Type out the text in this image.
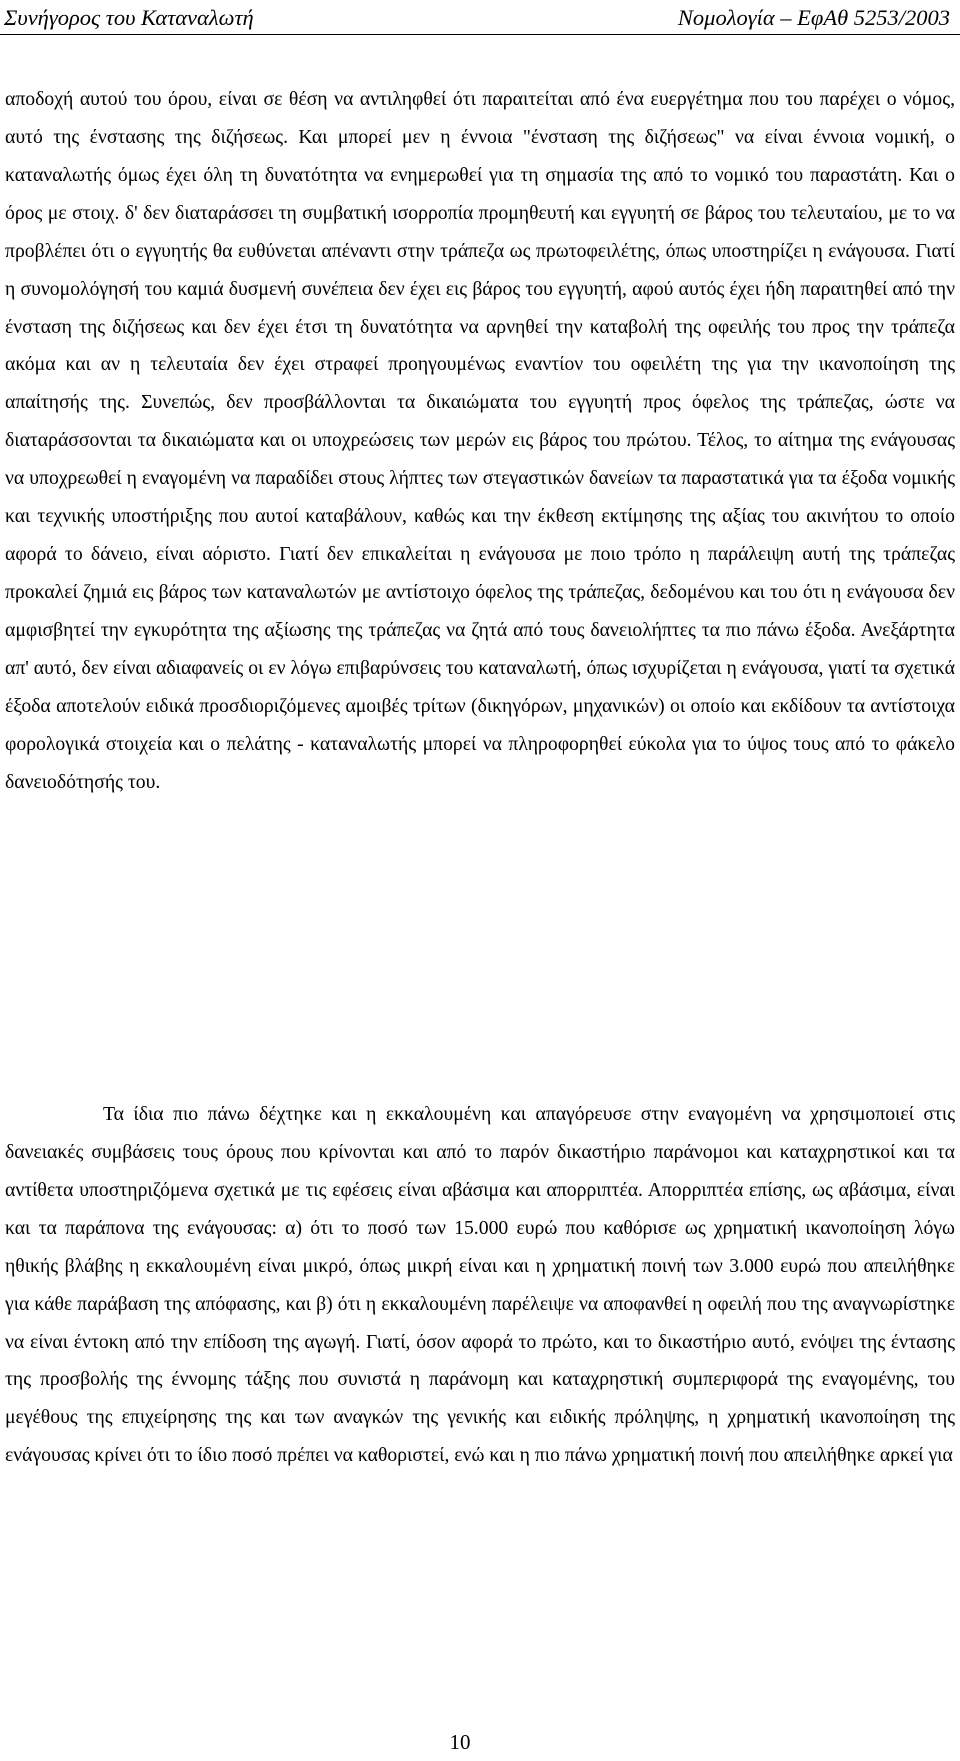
Συνήγορος του Καταναλωτή	Νομολογία – ΕφΑθ 5253/2003

αποδοχή αυτού του όρου, είναι σε θέση να αντιληφθεί ότι παραιτείται από ένα ευεργέτημα που του παρέχει ο νόμος, αυτό της ένστασης της διζήσεως. Και μπορεί μεν η έννοια "ένσταση της διζήσεως" να είναι έννοια νομική, ο καταναλωτής όμως έχει όλη τη δυνατότητα να ενημερωθεί για τη σημασία της από το νομικό του παραστάτη. Και ο όρος με στοιχ. δ' δεν διαταράσσει τη συμβατική ισορροπία προμηθευτή και εγγυητή σε βάρος του τελευταίου, με το να προβλέπει ότι ο εγγυητής θα ευθύνεται απέναντι στην τράπεζα ως πρωτοφειλέτης, όπως υποστηρίζει η ενάγουσα. Γιατί η συνομολόγησή του καμιά δυσμενή συνέπεια δεν έχει εις βάρος του εγγυητή, αφού αυτός έχει ήδη παραιτηθεί από την ένσταση της διζήσεως και δεν έχει έτσι τη δυνατότητα να αρνηθεί την καταβολή της οφειλής του προς την τράπεζα ακόμα και αν η τελευταία δεν έχει στραφεί προηγουμένως εναντίον του οφειλέτη της για την ικανοποίηση της απαίτησής της. Συνεπώς, δεν προσβάλλονται τα δικαιώματα του εγγυητή προς όφελος της τράπεζας, ώστε να διαταράσσονται τα δικαιώματα και οι υποχρεώσεις των μερών εις βάρος του πρώτου. Τέλος, το αίτημα της ενάγουσας να υποχρεωθεί η εναγομένη να παραδίδει στους λήπτες των στεγαστικών δανείων τα παραστατικά για τα έξοδα νομικής και τεχνικής υποστήριξης που αυτοί καταβάλουν, καθώς και την έκθεση εκτίμησης της αξίας του ακινήτου το οποίο αφορά το δάνειο, είναι αόριστο. Γιατί δεν επικαλείται η ενάγουσα με ποιο τρόπο η παράλειψη αυτή της τράπεζας προκαλεί ζημιά εις βάρος των καταναλωτών με αντίστοιχο όφελος της τράπεζας, δεδομένου και του ότι η ενάγουσα δεν αμφισβητεί την εγκυρότητα της αξίωσης της τράπεζας να ζητά από τους δανειολήπτες τα πιο πάνω έξοδα. Ανεξάρτητα απ' αυτό, δεν είναι αδιαφανείς οι εν λόγω επιβαρύνσεις του καταναλωτή, όπως ισχυρίζεται η ενάγουσα, γιατί τα σχετικά έξοδα αποτελούν ειδικά προσδιοριζόμενες αμοιβές τρίτων (δικηγόρων, μηχανικών) οι οποίο και εκδίδουν τα αντίστοιχα φορολογικά στοιχεία και ο πελάτης - καταναλωτής μπορεί να πληροφορηθεί εύκολα για το ύψος τους από το φάκελο δανειοδότησής του.

Τα ίδια πιο πάνω δέχτηκε και η εκκαλουμένη και απαγόρευσε στην εναγομένη να χρησιμοποιεί στις δανειακές συμβάσεις τους όρους που κρίνονται και από το παρόν δικαστήριο παράνομοι και καταχρηστικοί και τα αντίθετα υποστηριζόμενα σχετικά με τις εφέσεις είναι αβάσιμα και απορριπτέα. Απορριπτέα επίσης, ως αβάσιμα, είναι και τα παράπονα της ενάγουσας: α) ότι το ποσό των 15.000 ευρώ που καθόρισε ως χρηματική ικανοποίηση λόγω ηθικής βλάβης η εκκαλουμένη είναι μικρό, όπως μικρή είναι και η χρηματική ποινή των 3.000 ευρώ που απειλήθηκε για κάθε παράβαση της απόφασης, και β) ότι η εκκαλουμένη παρέλειψε να αποφανθεί η οφειλή που της αναγνωρίστηκε να είναι έντοκη από την επίδοση της αγωγή. Γιατί, όσον αφορά το πρώτο, και το δικαστήριο αυτό, ενόψει της έντασης της προσβολής της έννομης τάξης που συνιστά η παράνομη και καταχρηστική συμπεριφορά της εναγομένης, του μεγέθους της επιχείρησης της και των αναγκών της γενικής και ειδικής πρόληψης, η χρηματική ικανοποίηση της ενάγουσας κρίνει ότι το ίδιο ποσό πρέπει να καθοριστεί, ενώ και η πιο πάνω χρηματική ποινή που απειλήθηκε αρκεί για

10
